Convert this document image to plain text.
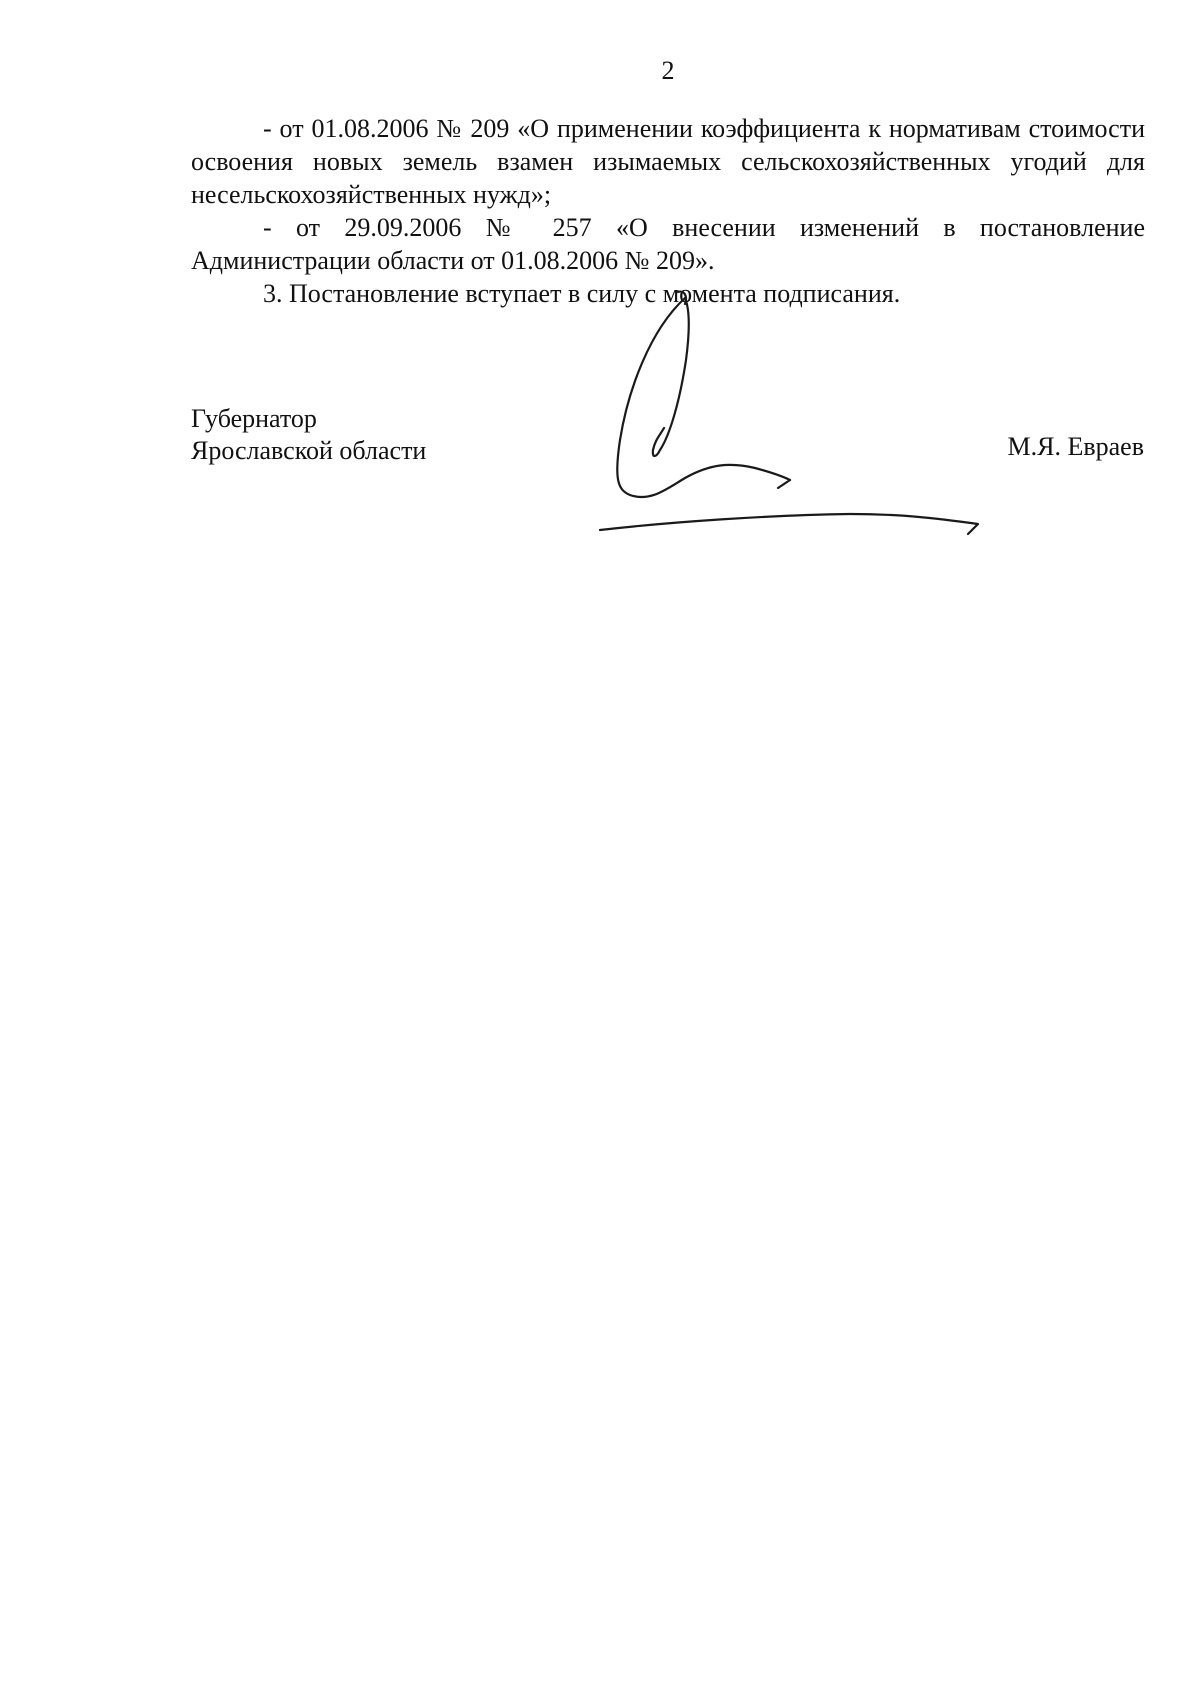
2

- от 01.08.2006 № 209 «О применении коэффициента к нормативам стоимости освоения новых земель взамен изымаемых сельскохозяйственных угодий для несельскохозяйственных нужд»;

- от 29.09.2006 № 257 «О внесении изменений в постановление Администрации области от 01.08.2006 № 209».

3. Постановление вступает в силу с момента подписания.

Губернатор
Ярославской области	М.Я. Евраев
